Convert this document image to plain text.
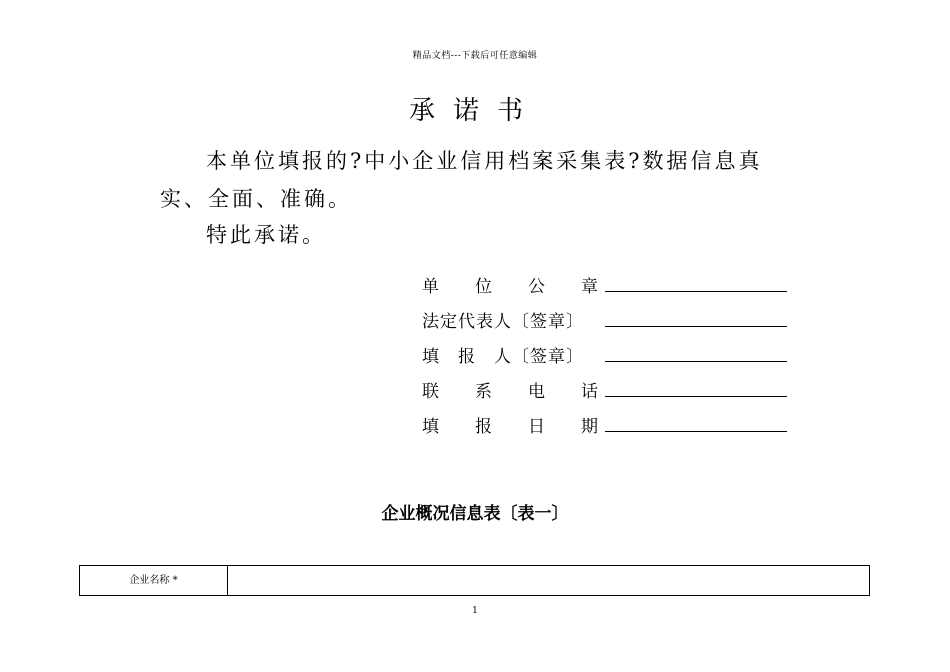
精品文档---下载后可任意编辑
承诺书
本单位填报的?中小企业信用档案采集表?数据信息真
实、全面、准确。
特此承诺。
单 位 公 章
法定代表人〔签章〕
填　报　人〔签章〕
联 系 电 话
填 报 日 期
企业概况信息表〔表一〕
企业名称 *
1
